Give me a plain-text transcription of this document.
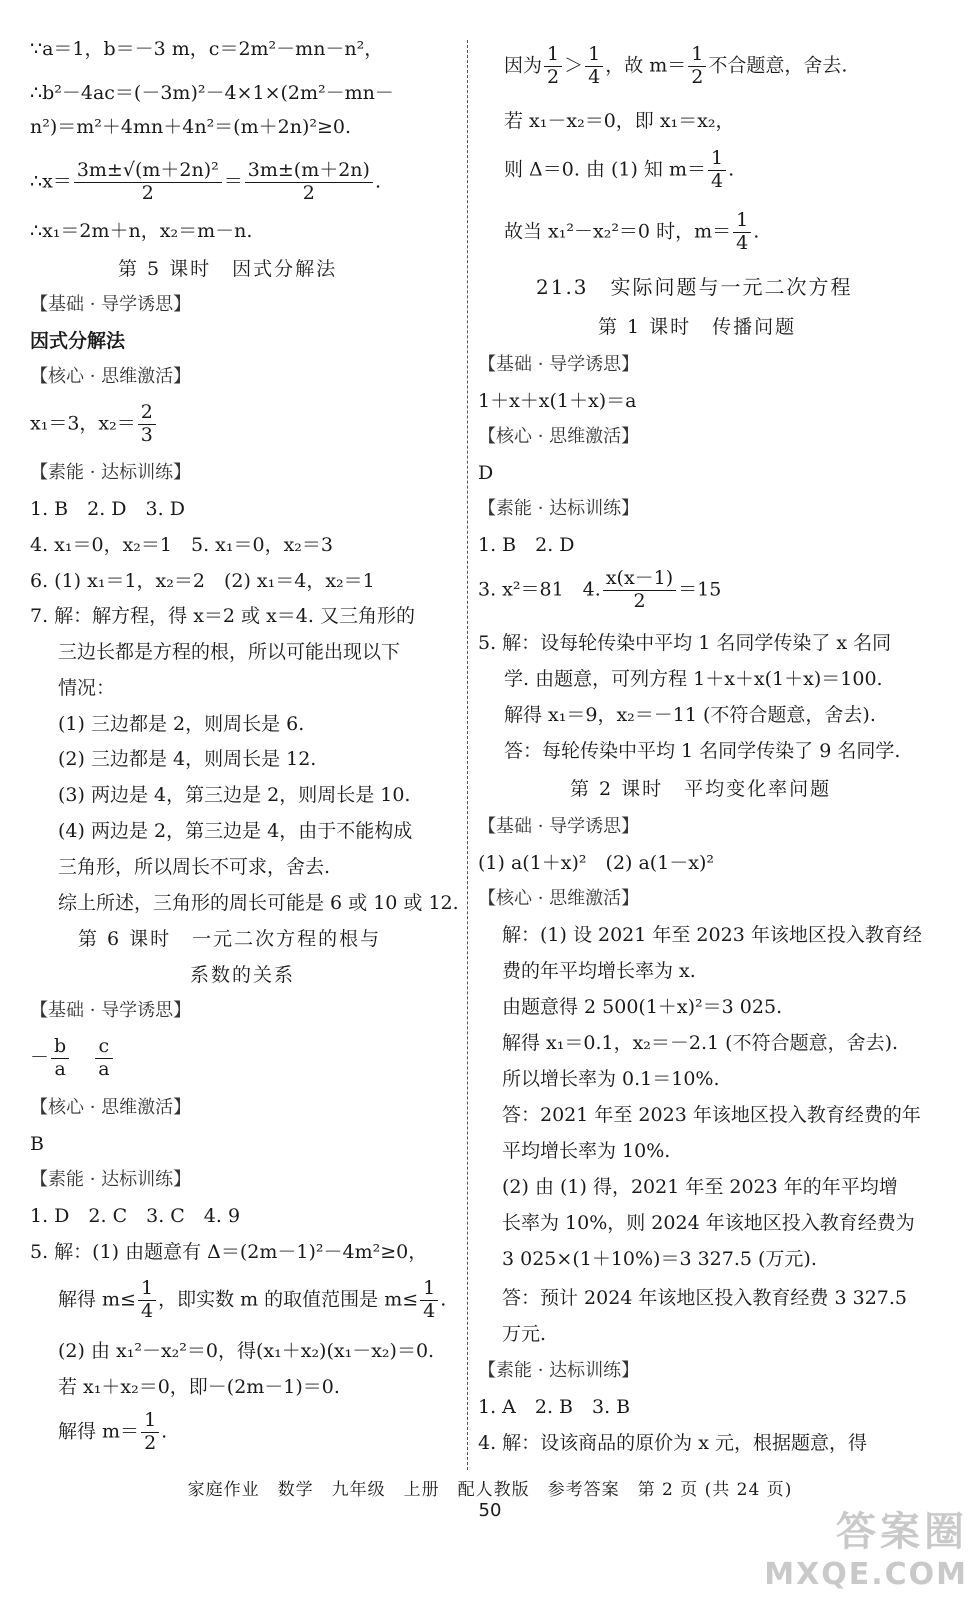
∵a＝1，b＝－3 m，c＝2m²－mn－n²，
∴b²－4ac＝(－3m)²－4×1×(2m²－mn－
n²)＝m²＋4mn＋4n²＝(m＋2n)²≥0.
∴x＝ $\frac{\text{3m±√(m＋2n)²}}{2} = \frac{3m\pm(m+2n)}{2}$ .
∴x₁＝2m＋n，x₂＝m－n.
第 5 课时　因式分解法
【基础 · 导学诱思】
因式分解法
【核心 · 思维激活】
x₁＝3，$x_2= \frac{2}{3}$
【素能 · 达标训练】
1. B　2. D　3. D
4. x₁＝0，x₂＝1　5. x₁＝0，x₂＝3
6. (1) x₁＝1，x₂＝2　(2) x₁＝4，x₂＝1
7. 解：解方程，得 x＝2 或 x＝4. 又三角形的
三边长都是方程的根，所以可能出现以下
情况：
(1) 三边都是 2，则周长是 6.
(2) 三边都是 4，则周长是 12.
(3) 两边是 4，第三边是 2，则周长是 10.
(4) 两边是 2，第三边是 4，由于不能构成
三角形，所以周长不可求，舍去.
综上所述，三角形的周长可能是 6 或 10 或 12.
第 6 课时　一元二次方程的根与
系数的关系
【基础 · 导学诱思】
－ $\frac{b}{a} \frac{c}{a}$
【核心 · 思维激活】
B
【素能 · 达标训练】
1. D　2. C　3. C　4. 9
5. 解：(1) 由题意有 Δ＝(2m－1)²－4m²≥0，
解得 $m\le \frac{1}{4}$ ，即实数 m 的取值范围是 $m\le \frac{1}{4}$ .
(2) 由 x₁²－x₂²＝0，得(x₁＋x₂)(x₁－x₂)＝0.
若 x₁＋x₂＝0，即－(2m－1)＝0.
解得 $m= \frac{1}{2}$ .
因为 $\frac{1}{2} > \frac{1}{4}$ ，故 $m= \frac{1}{2}$ 不合题意，舍去.
若 x₁－x₂＝0，即 x₁＝x₂，
则 Δ＝0. 由 (1) 知 $m= \frac{1}{4}$ .
故当 x₁²－x₂²＝0 时，$m= \frac{1}{4}$ .
21.3　实际问题与一元二次方程
第 1 课时　传播问题
【基础 · 导学诱思】
1＋x＋x(1＋x)＝a
【核心 · 思维激活】
D
【素能 · 达标训练】
1. B　2. D
3. x²＝81　4. $\frac{x(x-1)}{2} =15$
5. 解：设每轮传染中平均 1 名同学传染了 x 名同
学. 由题意，可列方程 1＋x＋x(1＋x)＝100.
解得 x₁＝9，x₂＝－11 (不符合题意，舍去).
答：每轮传染中平均 1 名同学传染了 9 名同学.
第 2 课时　平均变化率问题
【基础 · 导学诱思】
(1) a(1＋x)²　(2) a(1－x)²
【核心 · 思维激活】
解：(1) 设 2021 年至 2023 年该地区投入教育经
费的年平均增长率为 x.
由题意得 2 500(1＋x)²＝3 025.
解得 x₁＝0.1，x₂＝－2.1 (不符合题意，舍去).
所以增长率为 0.1＝10%.
答：2021 年至 2023 年该地区投入教育经费的年
平均增长率为 10%.
(2) 由 (1) 得，2021 年至 2023 年的年平均增
长率为 10%，则 2024 年该地区投入教育经费为
3 025×(1＋10%)＝3 327.5 (万元).
答：预计 2024 年该地区投入教育经费 3 327.5
万元.
【素能 · 达标训练】
1. A　2. B　3. B
4. 解：设该商品的原价为 x 元，根据题意，得
家庭作业　数学　九年级　上册　配人教版　参考答案　第 2 页 (共 24 页)
50	答案圈
MXQE.COM
